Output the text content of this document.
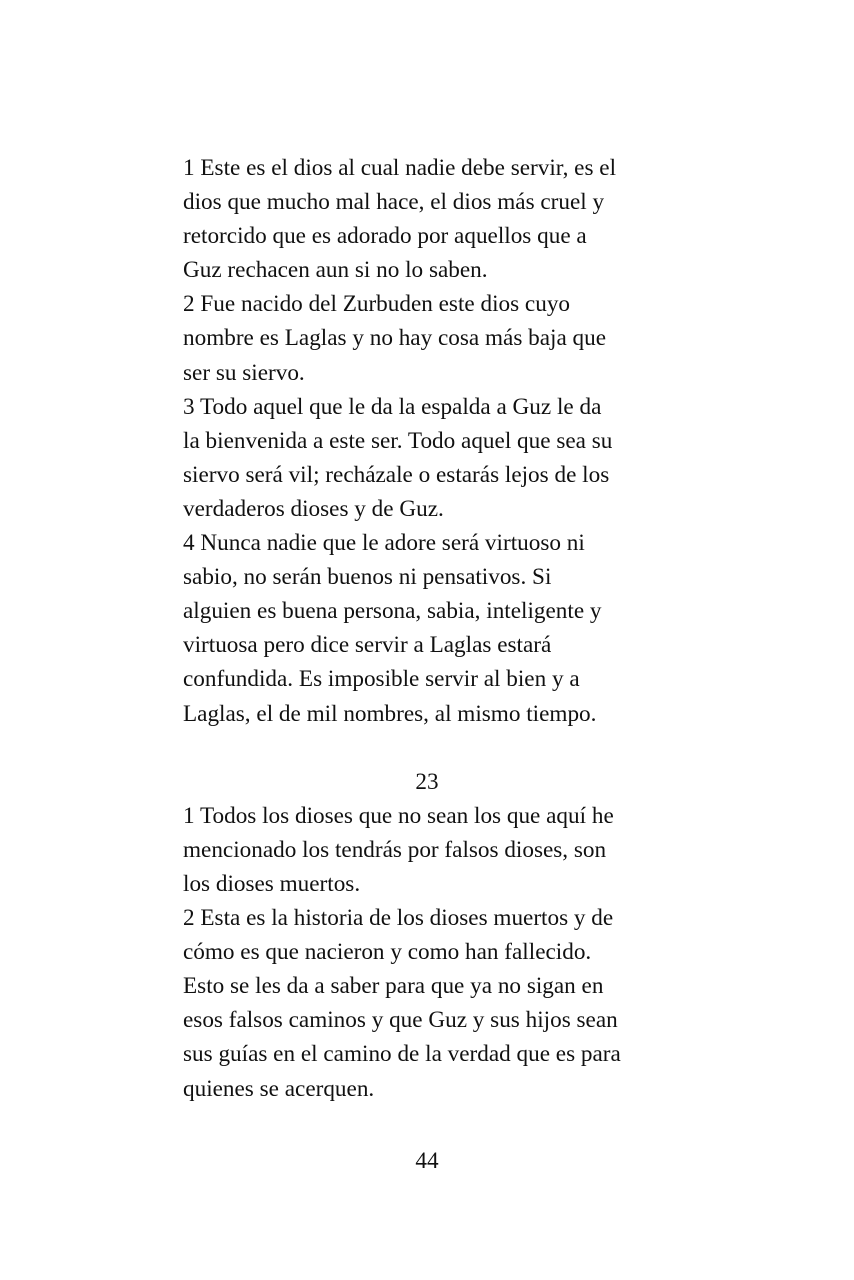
1 Este es el dios al cual nadie debe servir, es el
dios que mucho mal hace, el dios más cruel y
retorcido que es adorado por aquellos que a
Guz rechacen aun si no lo saben.
2 Fue nacido del Zurbuden este dios cuyo
nombre es Laglas y no hay cosa más baja que
ser su siervo.
3 Todo aquel que le da la espalda a Guz le da
la bienvenida a este ser. Todo aquel que sea su
siervo será vil; recházale o estarás lejos de los
verdaderos dioses y de Guz.
4 Nunca nadie que le adore será virtuoso ni
sabio, no serán buenos ni pensativos. Si
alguien es buena persona, sabia, inteligente y
virtuosa pero dice servir a Laglas estará
confundida. Es imposible servir al bien y a
Laglas, el de mil nombres, al mismo tiempo.
23
1 Todos los dioses que no sean los que aquí he
mencionado los tendrás por falsos dioses, son
los dioses muertos.
2 Esta es la historia de los dioses muertos y de
cómo es que nacieron y como han fallecido.
Esto se les da a saber para que ya no sigan en
esos falsos caminos y que Guz y sus hijos sean
sus guías en el camino de la verdad que es para
quienes se acerquen.
44
